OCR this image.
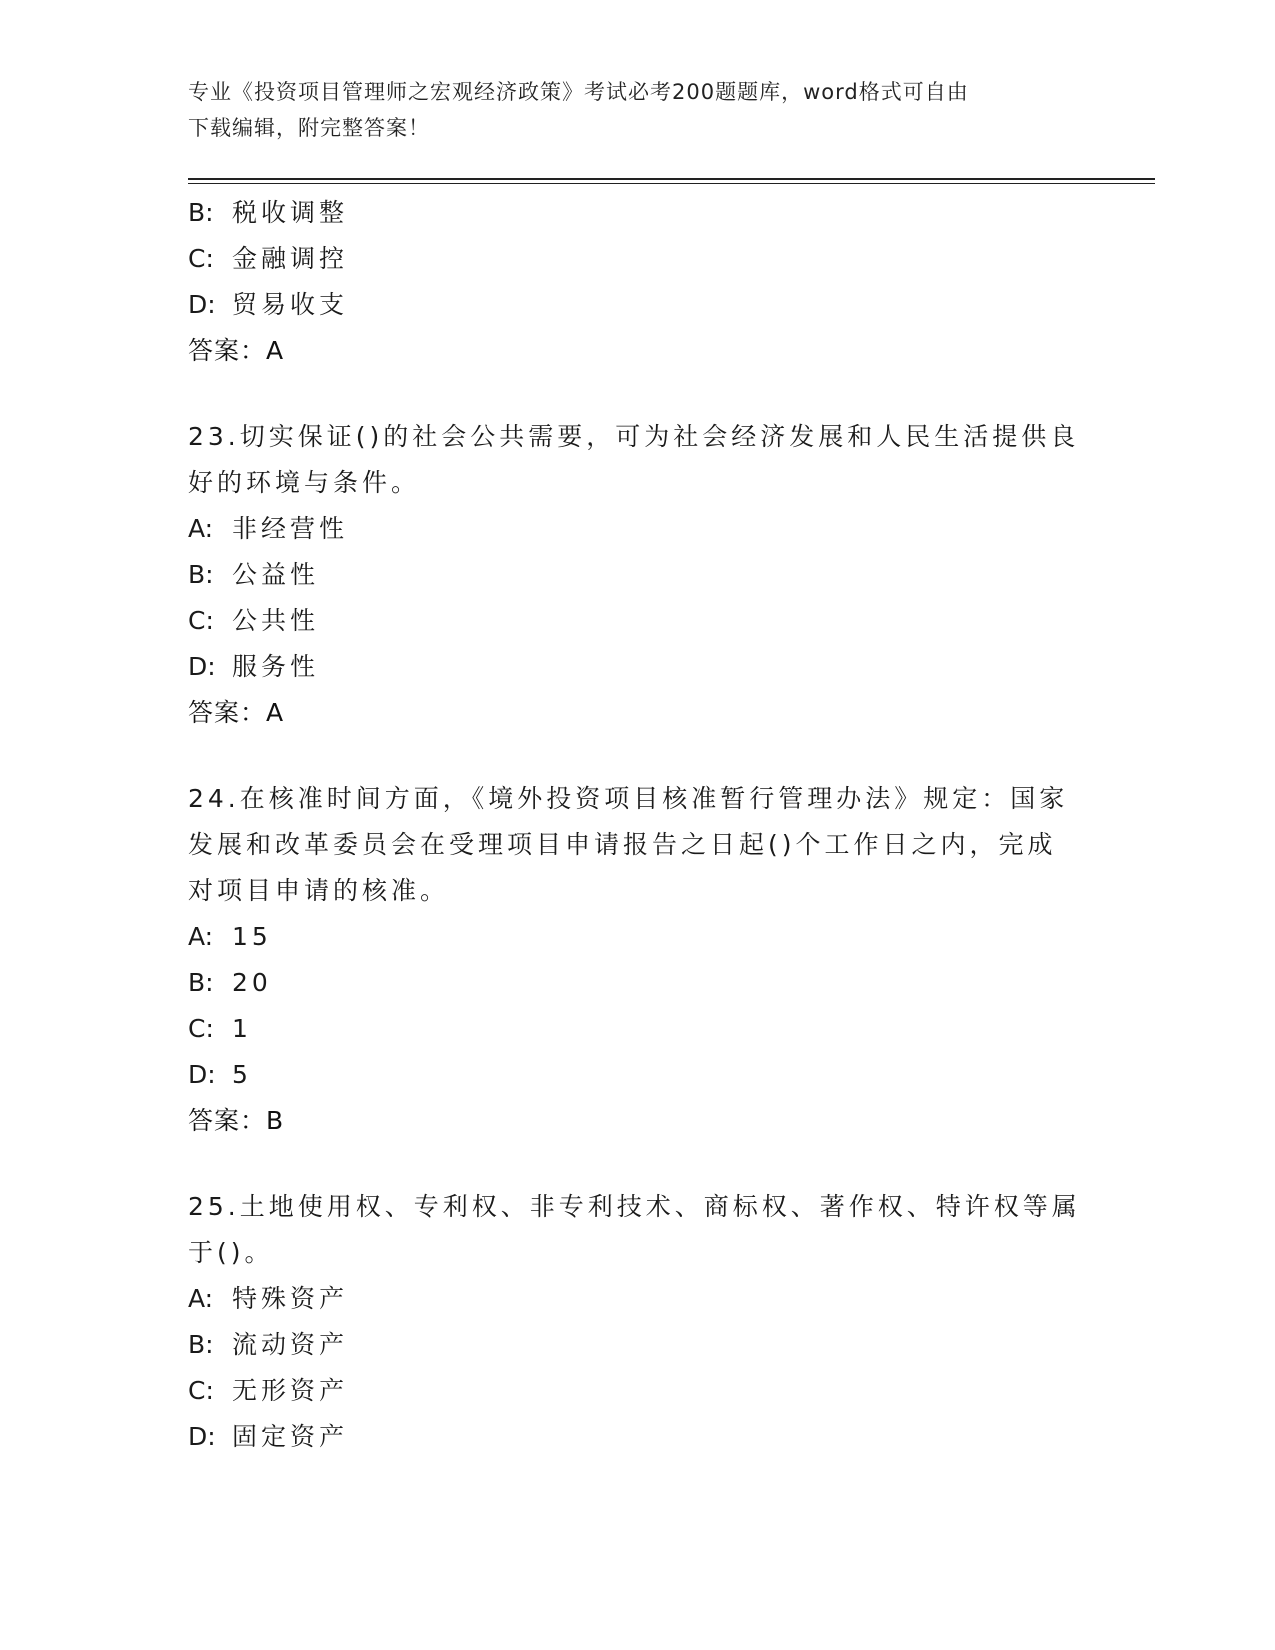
专业《投资项目管理师之宏观经济政策》考试必考200题题库，word格式可自由
下载编辑，附完整答案！
B: 税收调整
C: 金融调控
D: 贸易收支
答案：A
23.切实保证()的社会公共需要，可为社会经济发展和人民生活提供良
好的环境与条件。
A: 非经营性
B: 公益性
C: 公共性
D: 服务性
答案：A
24.在核准时间方面，《境外投资项目核准暂行管理办法》规定：国家
发展和改革委员会在受理项目申请报告之日起()个工作日之内，完成
对项目申请的核准。
A: 15
B: 20
C: 1
D: 5
答案：B
25.土地使用权、专利权、非专利技术、商标权、著作权、特许权等属
于()。
A: 特殊资产
B: 流动资产
C: 无形资产
D: 固定资产
